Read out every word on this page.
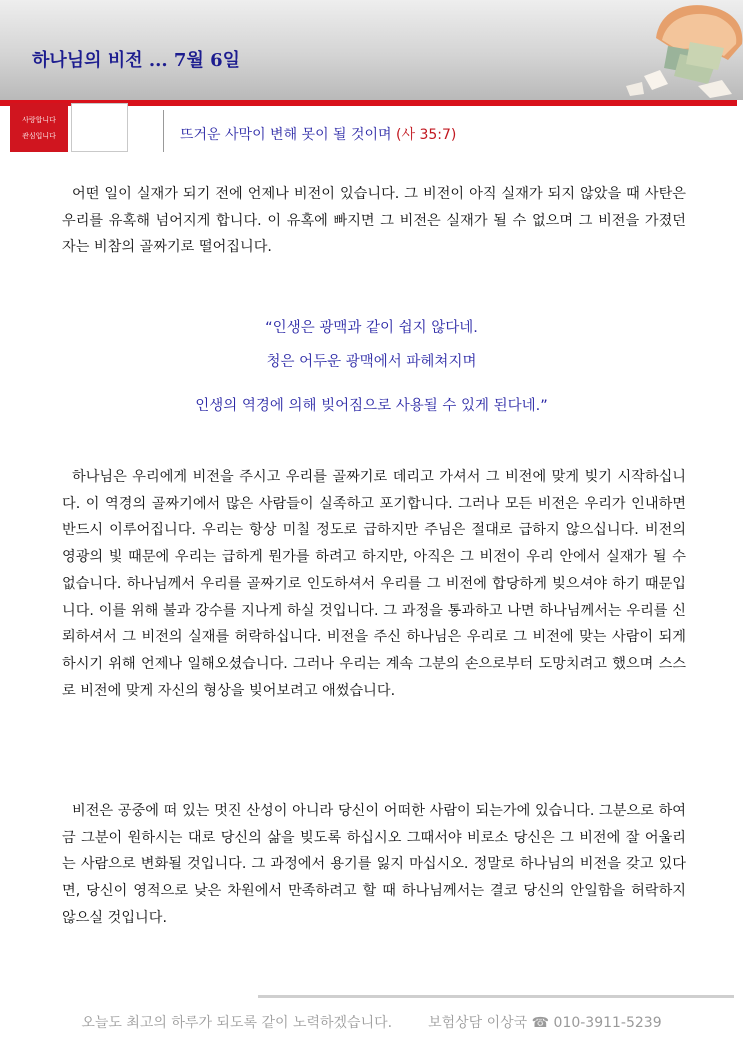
하나님의 비전 ... 7월 6일
사랑합니다
관심입니다	뜨거운 사막이 변해 못이 될 것이며 (사 35:7)

어떤 일이 실재가 되기 전에 언제나 비전이 있습니다. 그 비전이 아직 실재가 되지 않았을 때 사탄은 우리를 유혹해 넘어지게 합니다. 이 유혹에 빠지면 그 비전은 실재가 될 수 없으며 그 비전을 가졌던 자는 비참의 골짜기로 떨어집니다.

“인생은 광맥과 같이 쉽지 않다네.
청은 어두운 광맥에서 파헤쳐지며
인생의 역경에 의해 빚어짐으로 사용될 수 있게 된다네.”

하나님은 우리에게 비전을 주시고 우리를 골짜기로 데리고 가셔서 그 비전에 맞게 빚기 시작하십니다. 이 역경의 골짜기에서 많은 사람들이 실족하고 포기합니다. 그러나 모든 비전은 우리가 인내하면 반드시 이루어집니다. 우리는 항상 미칠 정도로 급하지만 주님은 절대로 급하지 않으십니다. 비전의 영광의 빛 때문에 우리는 급하게 뭔가를 하려고 하지만, 아직은 그 비전이 우리 안에서 실재가 될 수 없습니다. 하나님께서 우리를 골짜기로 인도하셔서 우리를 그 비전에 합당하게 빚으셔야 하기 때문입니다. 이를 위해 불과 강수를 지나게 하실 것입니다. 그 과정을 통과하고 나면 하나님께서는 우리를 신뢰하셔서 그 비전의 실재를 허락하십니다. 비전을 주신 하나님은 우리로 그 비전에 맞는 사람이 되게 하시기 위해 언제나 일해오셨습니다. 그러나 우리는 계속 그분의 손으로부터 도망치려고 했으며 스스로 비전에 맞게 자신의 형상을 빚어보려고 애썼습니다.

비전은 공중에 떠 있는 멋진 산성이 아니라 당신이 어떠한 사람이 되는가에 있습니다. 그분으로 하여금 그분이 원하시는 대로 당신의 삶을 빚도록 하십시오 그때서야 비로소 당신은 그 비전에 잘 어울리는 사람으로 변화될 것입니다. 그 과정에서 용기를 잃지 마십시오. 정말로 하나님의 비전을 갖고 있다면, 당신이 영적으로 낮은 차원에서 만족하려고 할 때 하나님께서는 결코 당신의 안일함을 허락하지 않으실 것입니다.

오늘도 최고의 하루가 되도록 같이 노력하겠습니다.	보험상담 이상국 ☎ 010-3911-5239
